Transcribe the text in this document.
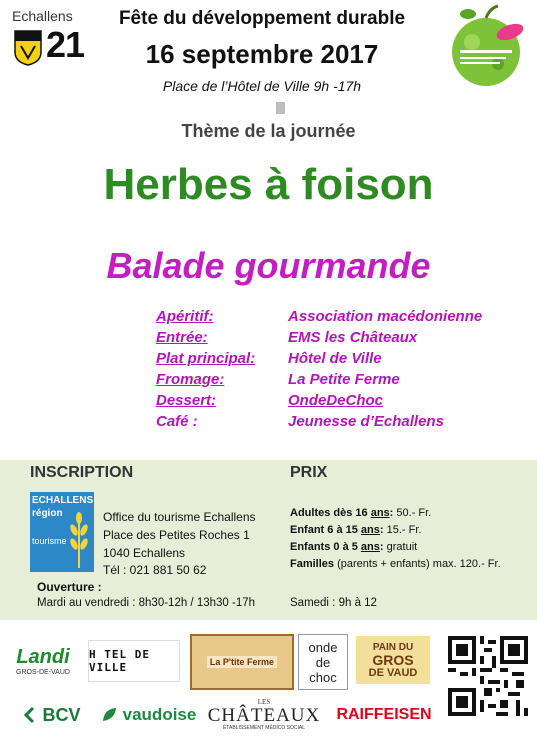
Echallens
21
Fête du développement durable
16 septembre 2017
Place de l’Hôtel de Ville 9h -17h
Thème de la journée
Herbes à foison
Balade gourmande
Apéritif:	Association macédonienne
Entrée:	EMS les Châteaux
Plat principal: Hôtel de Ville
Fromage:	La Petite Ferme
Dessert:	OndeDeChoc
Café :	Jeunesse d’Echallens
INSCRIPTION	PRIX
ECHALLENS
région
tourisme
Office du tourisme Echallens
Place des Petites Roches 1
1040 Echallens
Tél : 021 881 50 62
Adultes dès 16 ans: 50.- Fr.
Enfant 6 à 15 ans: 15.- Fr.
Enfants 0 à 5 ans: gratuit
Familles (parents + enfants) max. 120.- Fr.
Ouverture :
Mardi au vendredi : 8h30-12h / 13h30 -17h	Samedi : 9h à 12
Landi
GROS-DE-VAUD
H TEL DE VILLE	La P'tite Ferme
onde
de
choc
PAIN DU
GROS
DE VAUD
BCV vaudoise
LES
CHÂTEAUX
ÉTABLISSEMENT MÉDICO SOCIAL
RAIFFEISEN
